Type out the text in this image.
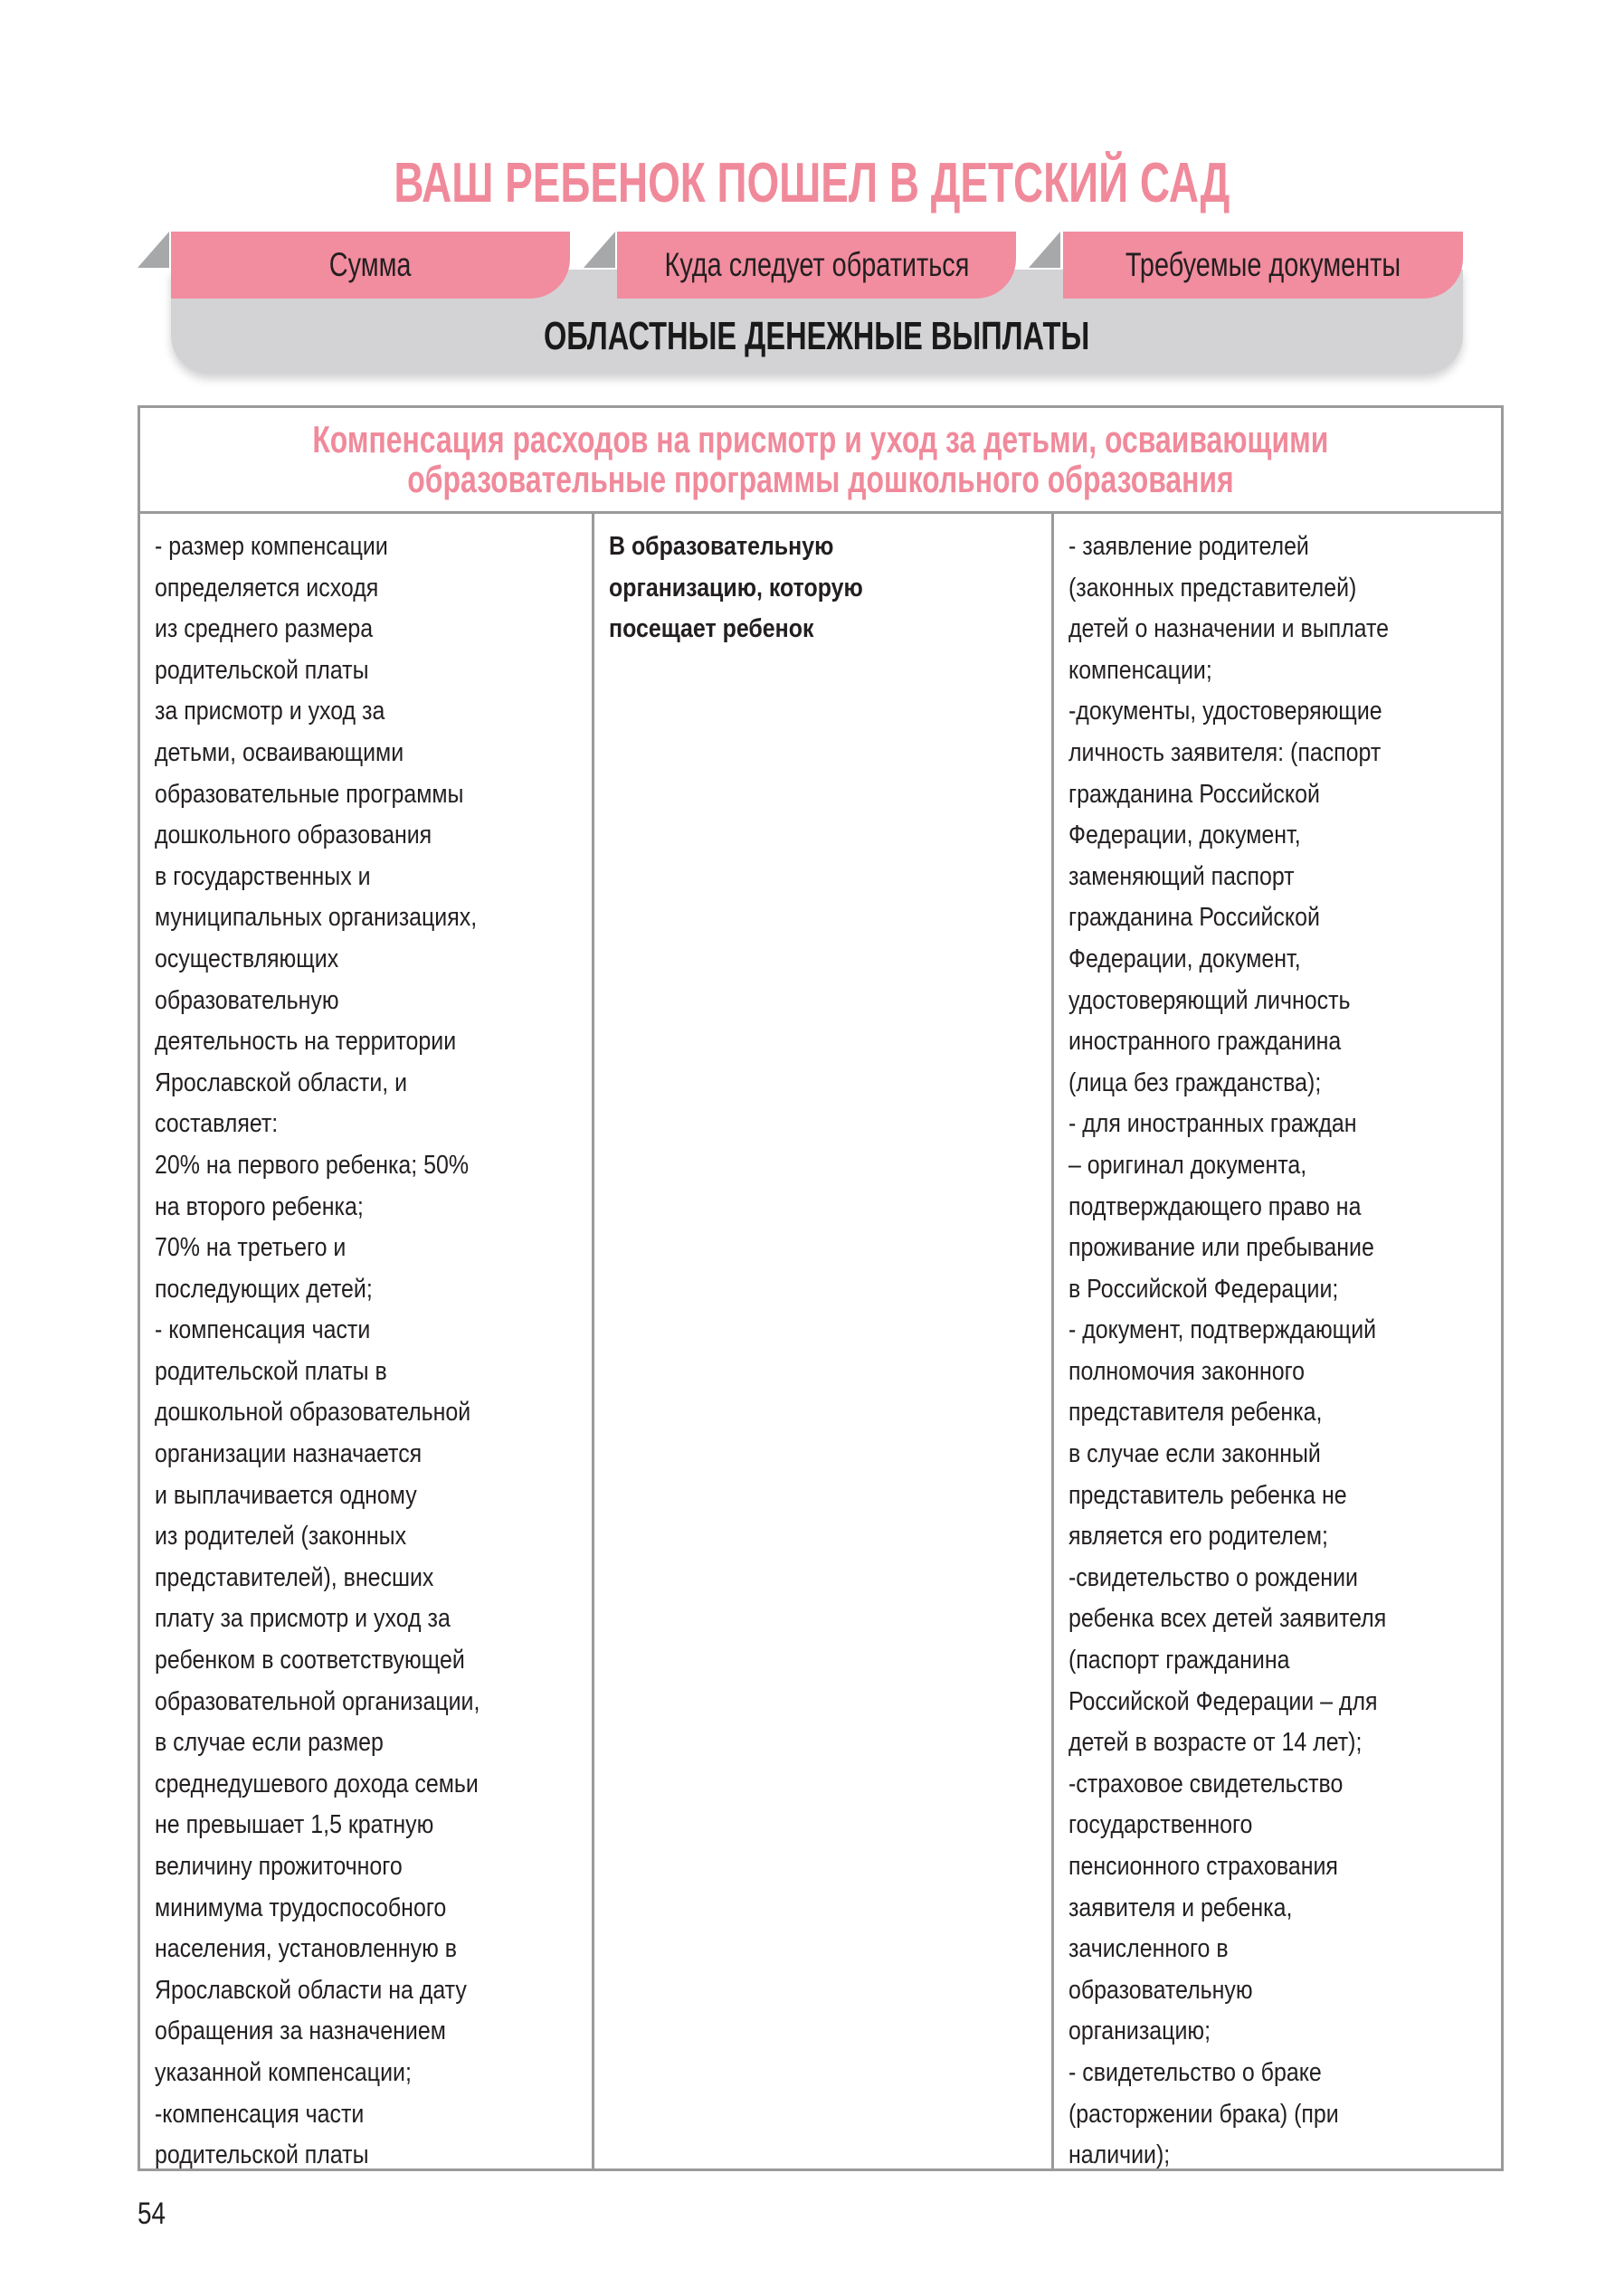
ВАШ РЕБЕНОК ПОШЕЛ В ДЕТСКИЙ САД
Сумма	Куда следует обратиться	Требуемые документы
ОБЛАСТНЫЕ ДЕНЕЖНЫЕ ВЫПЛАТЫ
Компенсация расходов на присмотр и уход за детьми, осваивающими
образовательные программы дошкольного образования
- размер компенсации
определяется исходя
из среднего размера
родительской платы
за присмотр и уход за
детьми, осваивающими
образовательные программы
дошкольного образования
в государственных и
муниципальных организациях,
осуществляющих
образовательную
деятельность на территории
Ярославской области, и
составляет:
20% на первого ребенка; 50%
на второго ребенка;
70% на третьего и
последующих детей;
- компенсация части
родительской платы в
дошкольной образовательной
организации назначается
и выплачивается одному
из родителей (законных
представителей), внесших
плату за присмотр и уход за
ребенком в соответствующей
образовательной организации,
в случае если размер
среднедушевого дохода семьи
не превышает 1,5 кратную
величину прожиточного
минимума трудоспособного
населения, установленную в
Ярославской области на дату
обращения за назначением
указанной компенсации;
-компенсация части
родительской платы
В образовательную
организацию, которую
посещает ребенок
- заявление родителей
(законных представителей)
детей о назначении и выплате
компенсации;
-документы, удостоверяющие
личность заявителя: (паспорт
гражданина Российской
Федерации, документ,
заменяющий паспорт
гражданина Российской
Федерации, документ,
удостоверяющий личность
иностранного гражданина
(лица без гражданства);
- для иностранных граждан
– оригинал документа,
подтверждающего право на
проживание или пребывание
в Российской Федерации;
- документ, подтверждающий
полномочия законного
представителя ребенка,
в случае если законный
представитель ребенка не
является его родителем;
-свидетельство о рождении
ребенка всех детей заявителя
(паспорт гражданина
Российской Федерации – для
детей в возрасте от 14 лет);
-страховое свидетельство
государственного
пенсионного страхования
заявителя и ребенка,
зачисленного в
образовательную
организацию;
- свидетельство о браке
(расторжении брака) (при
наличии);
54
